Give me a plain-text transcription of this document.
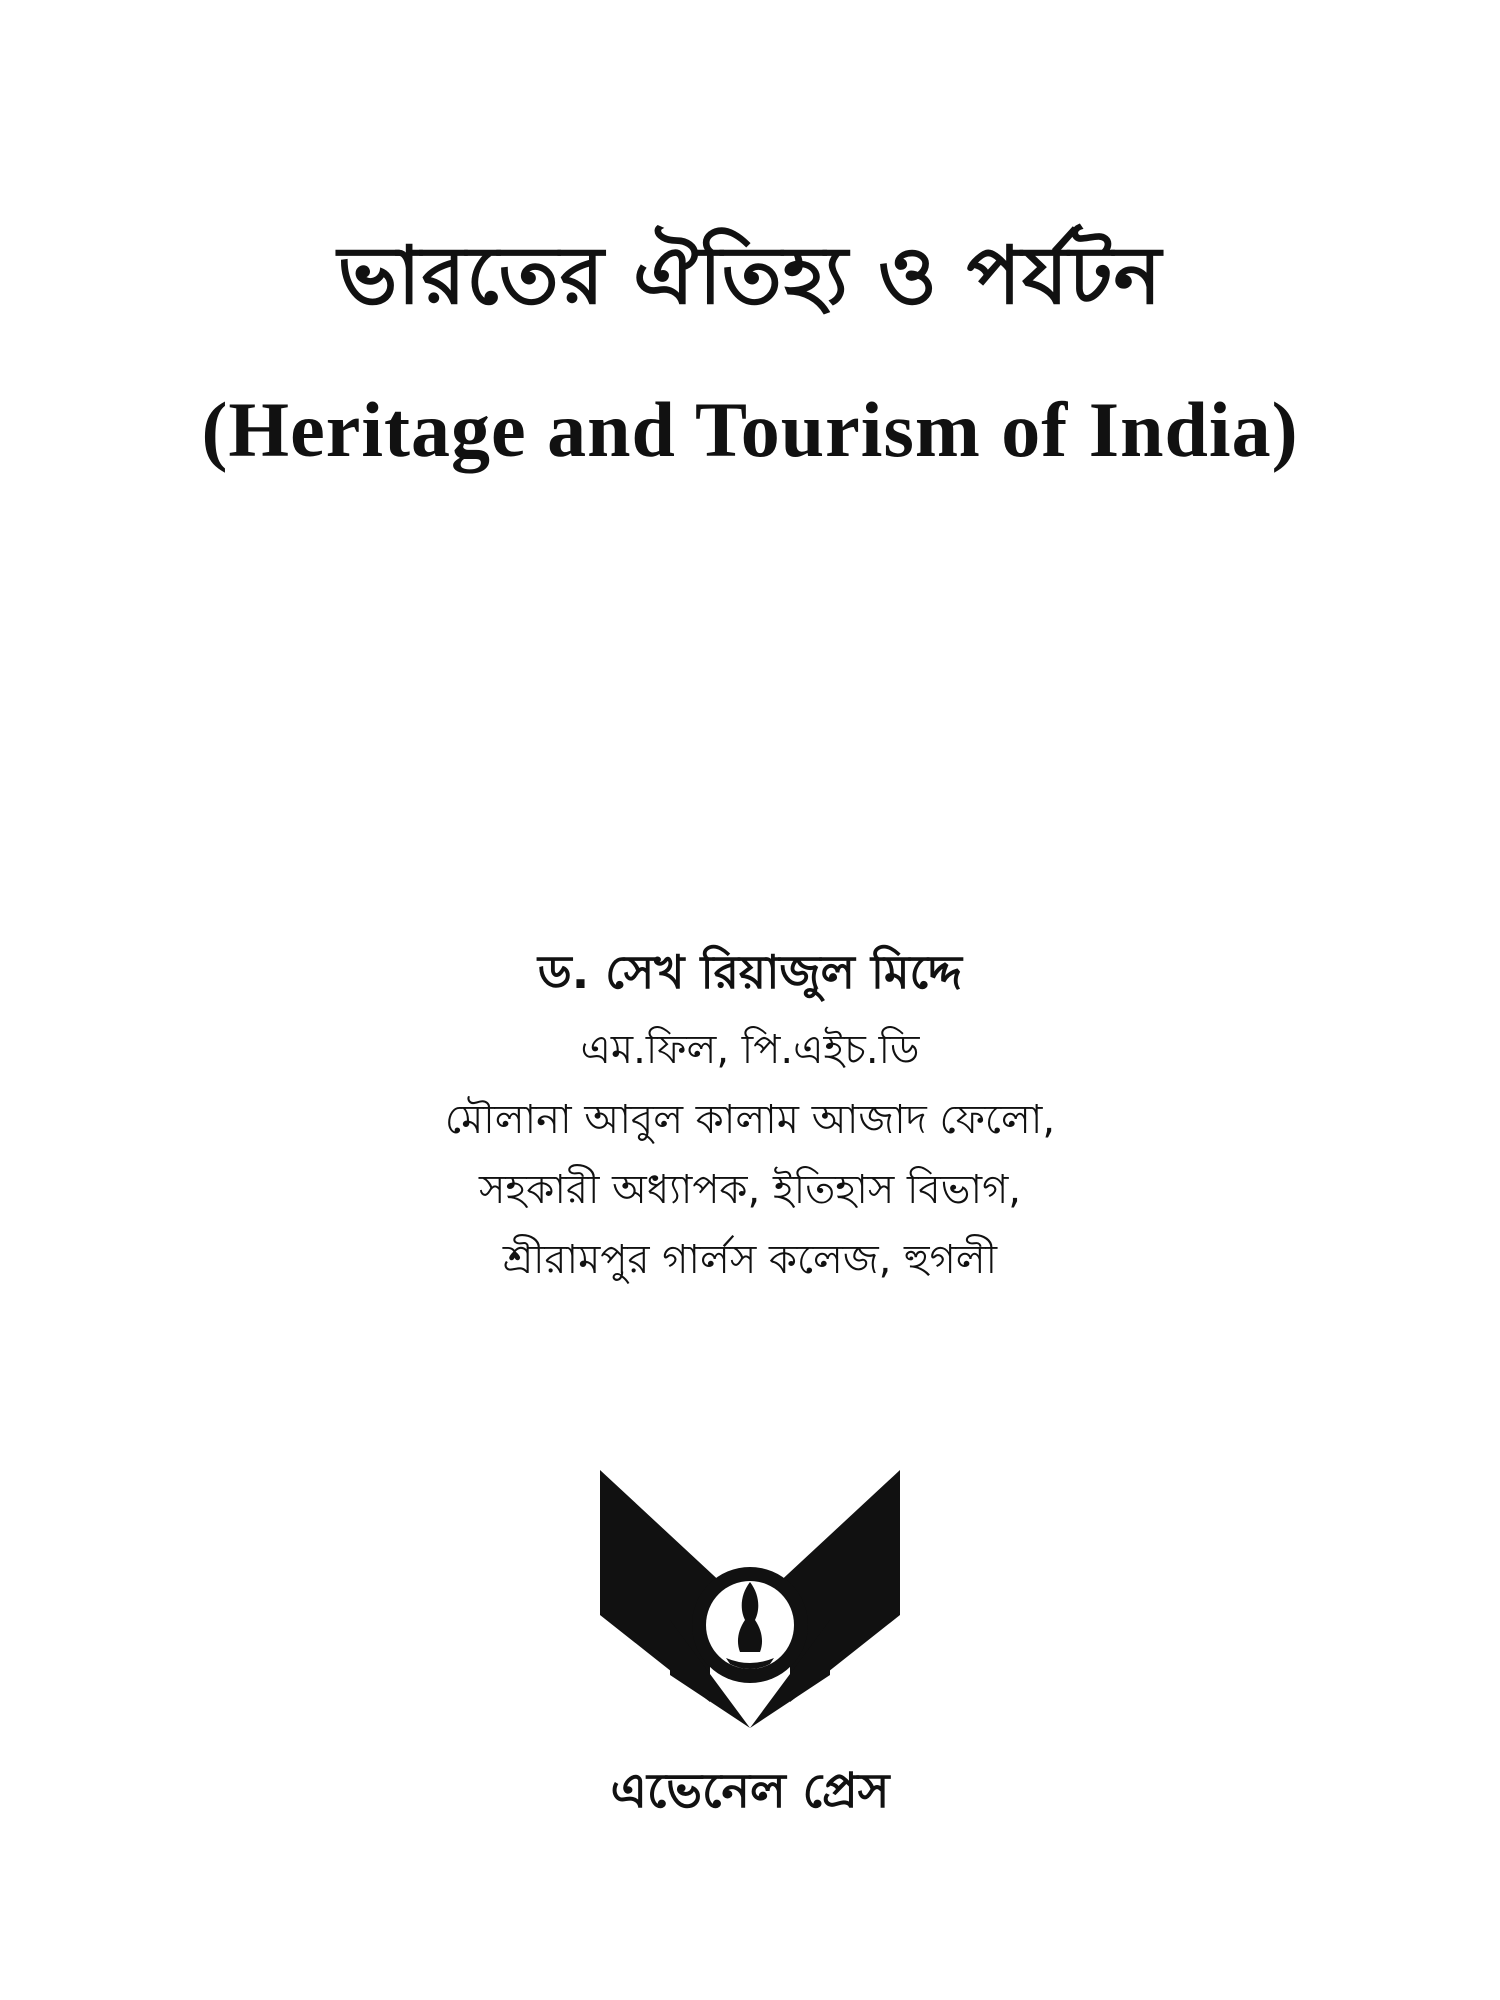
ভারতের ঐতিহ্য ও পর্যটন
(Heritage and Tourism of India)
ড. সেখ রিয়াজুল মিদ্দে
এম.ফিল, পি.এইচ.ডি
মৌলানা আবুল কালাম আজাদ ফেলো,
সহকারী অধ্যাপক, ইতিহাস বিভাগ,
শ্রীরামপুর গার্লস কলেজ, হুগলী
এভেনেল প্রেস
